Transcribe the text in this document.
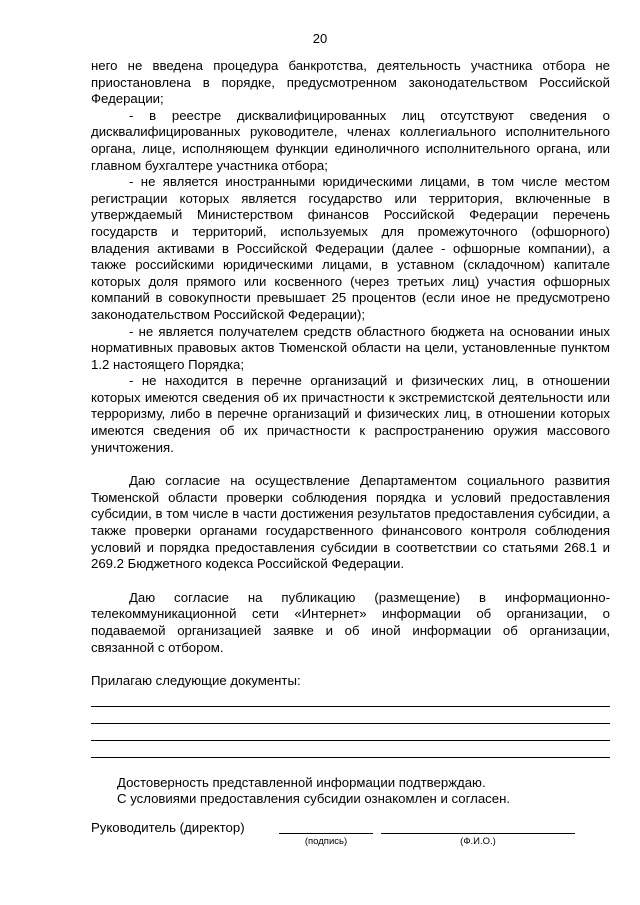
20

него не введена процедура банкротства, деятельность участника отбора не приостановлена в порядке, предусмотренном законодательством Российской Федерации;

- в реестре дисквалифицированных лиц отсутствуют сведения о дисквалифицированных руководителе, членах коллегиального исполнительного органа, лице, исполняющем функции единоличного исполнительного органа, или главном бухгалтере участника отбора;

- не является иностранными юридическими лицами, в том числе местом регистрации которых является государство или территория, включенные в утверждаемый Министерством финансов Российской Федерации перечень государств и территорий, используемых для промежуточного (офшорного) владения активами в Российской Федерации (далее - офшорные компании), а также российскими юридическими лицами, в уставном (складочном) капитале которых доля прямого или косвенного (через третьих лиц) участия офшорных компаний в совокупности превышает 25 процентов (если иное не предусмотрено законодательством Российской Федерации);

- не является получателем средств областного бюджета на основании иных нормативных правовых актов Тюменской области на цели, установленные пунктом 1.2 настоящего Порядка;

- не находится в перечне организаций и физических лиц, в отношении которых имеются сведения об их причастности к экстремистской деятельности или терроризму, либо в перечне организаций и физических лиц, в отношении которых имеются сведения об их причастности к распространению оружия массового уничтожения.

Даю согласие на осуществление Департаментом социального развития Тюменской области проверки соблюдения порядка и условий предоставления субсидии, в том числе в части достижения результатов предоставления субсидии, а также проверки органами государственного финансового контроля соблюдения условий и порядка предоставления субсидии в соответствии со статьями 268.1 и 269.2 Бюджетного кодекса Российской Федерации.

Даю согласие на публикацию (размещение) в информационно-телекоммуникационной сети «Интернет» информации об организации, о подаваемой организацией заявке и об иной информации об организации, связанной с отбором.

Прилагаю следующие документы:

Достоверность представленной информации подтверждаю.

С условиями предоставления субсидии ознакомлен и согласен.

Руководитель (директор)
(подпись)	(Ф.И.О.)
